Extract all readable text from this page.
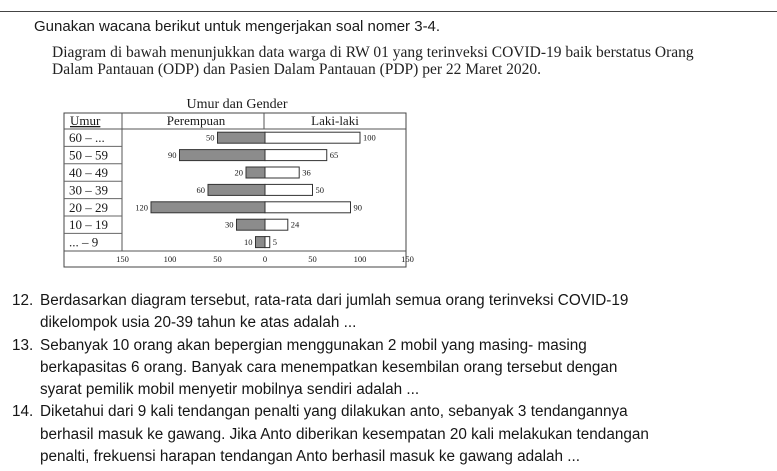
Gunakan wacana berikut untuk mengerjakan soal nomer 3-4.
Diagram di bawah menunjukkan data warga di RW 01 yang terinveksi COVID-19 baik berstatus Orang
Dalam Pantauan (ODP) dan Pasien Dalam Pantauan (PDP) per 22 Maret 2020.
Umur dan Gender
Umur	Perempuan	Laki-laki
60 – ...	50	100
50 – 59	90	65
40 – 49	20	36
30 – 39	60	50
20 – 29	120	90
10 – 19	30	24
... – 9	10 5
150	100	50	0	50	100	150
12. Berdasarkan diagram tersebut, rata-rata dari jumlah semua orang terinveksi COVID-19
dikelompok usia 20-39 tahun ke atas adalah ...
13. Sebanyak 10 orang akan bepergian menggunakan 2 mobil yang masing- masing
berkapasitas 6 orang. Banyak cara menempatkan kesembilan orang tersebut dengan
syarat pemilik mobil menyetir mobilnya sendiri adalah ...
14. Diketahui dari 9 kali tendangan penalti yang dilakukan anto, sebanyak 3 tendangannya
berhasil masuk ke gawang. Jika Anto diberikan kesempatan 20 kali melakukan tendangan
penalti, frekuensi harapan tendangan Anto berhasil masuk ke gawang adalah ...
